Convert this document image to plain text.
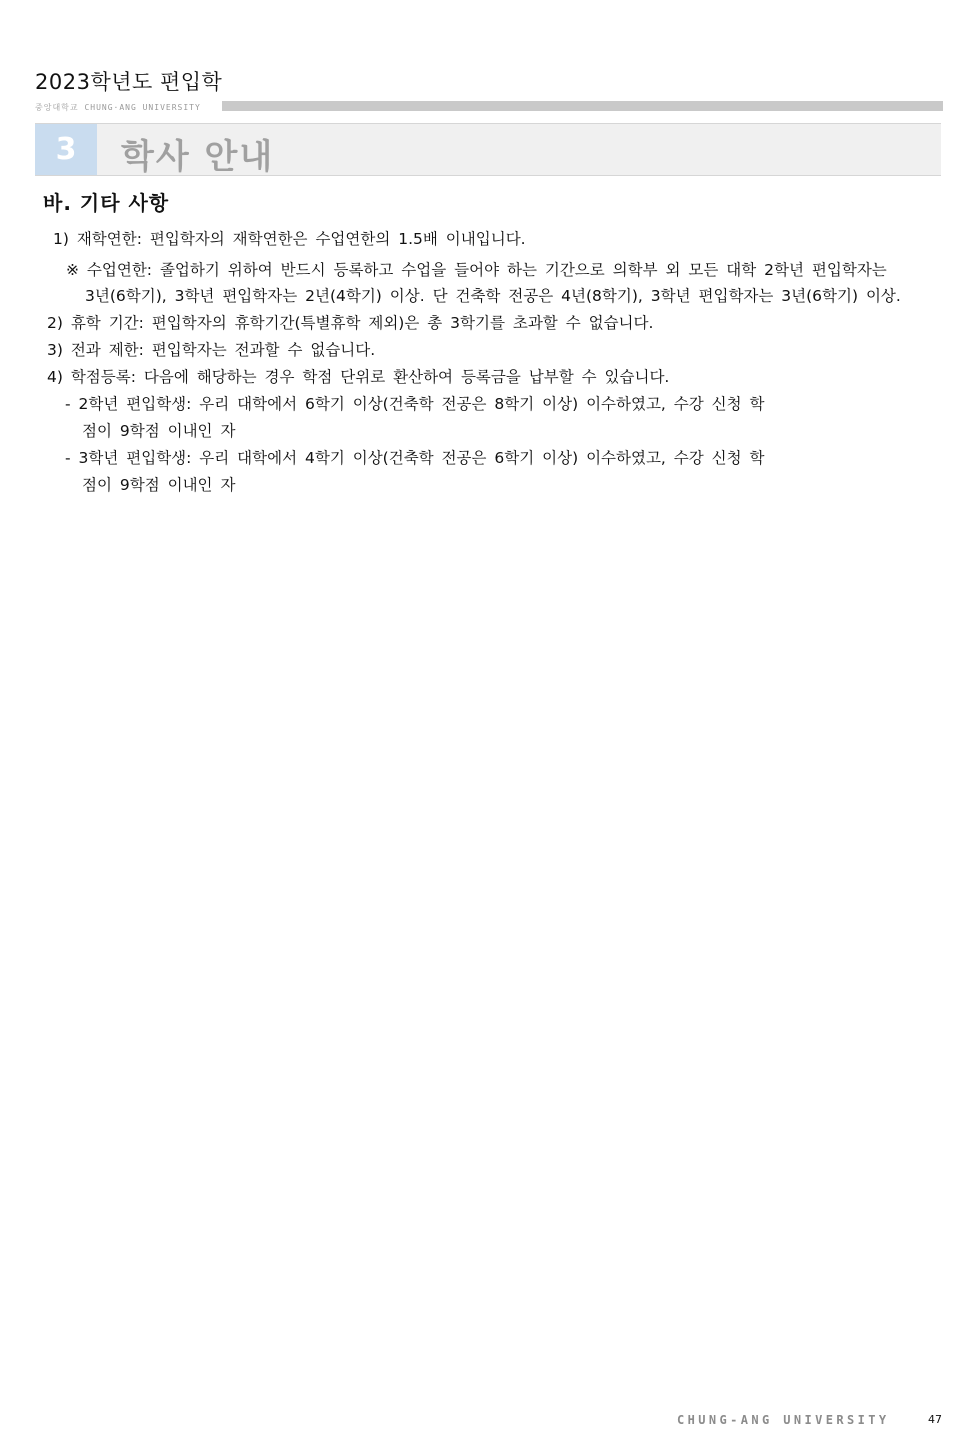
2023학년도 편입학
중앙대학교 CHUNG·ANG UNIVERSITY
3	학사 안내
바. 기타 사항
1) 재학연한: 편입학자의 재학연한은 수업연한의 1.5배 이내입니다.
※ 수업연한: 졸업하기 위하여 반드시 등록하고 수업을 들어야 하는 기간으로 의학부 외 모든 대학 2학년 편입학자는
3년(6학기), 3학년 편입학자는 2년(4학기) 이상. 단 건축학 전공은 4년(8학기), 3학년 편입학자는 3년(6학기) 이상.
2) 휴학 기간: 편입학자의 휴학기간(특별휴학 제외)은 총 3학기를 초과할 수 없습니다.
3) 전과 제한: 편입학자는 전과할 수 없습니다.
4) 학점등록: 다음에 해당하는 경우 학점 단위로 환산하여 등록금을 납부할 수 있습니다.
- 2학년 편입학생: 우리 대학에서 6학기 이상(건축학 전공은 8학기 이상) 이수하였고, 수강 신청 학
점이 9학점 이내인 자
- 3학년 편입학생: 우리 대학에서 4학기 이상(건축학 전공은 6학기 이상) 이수하였고, 수강 신청 학
점이 9학점 이내인 자
CHUNG-ANG UNIVERSITY	47
